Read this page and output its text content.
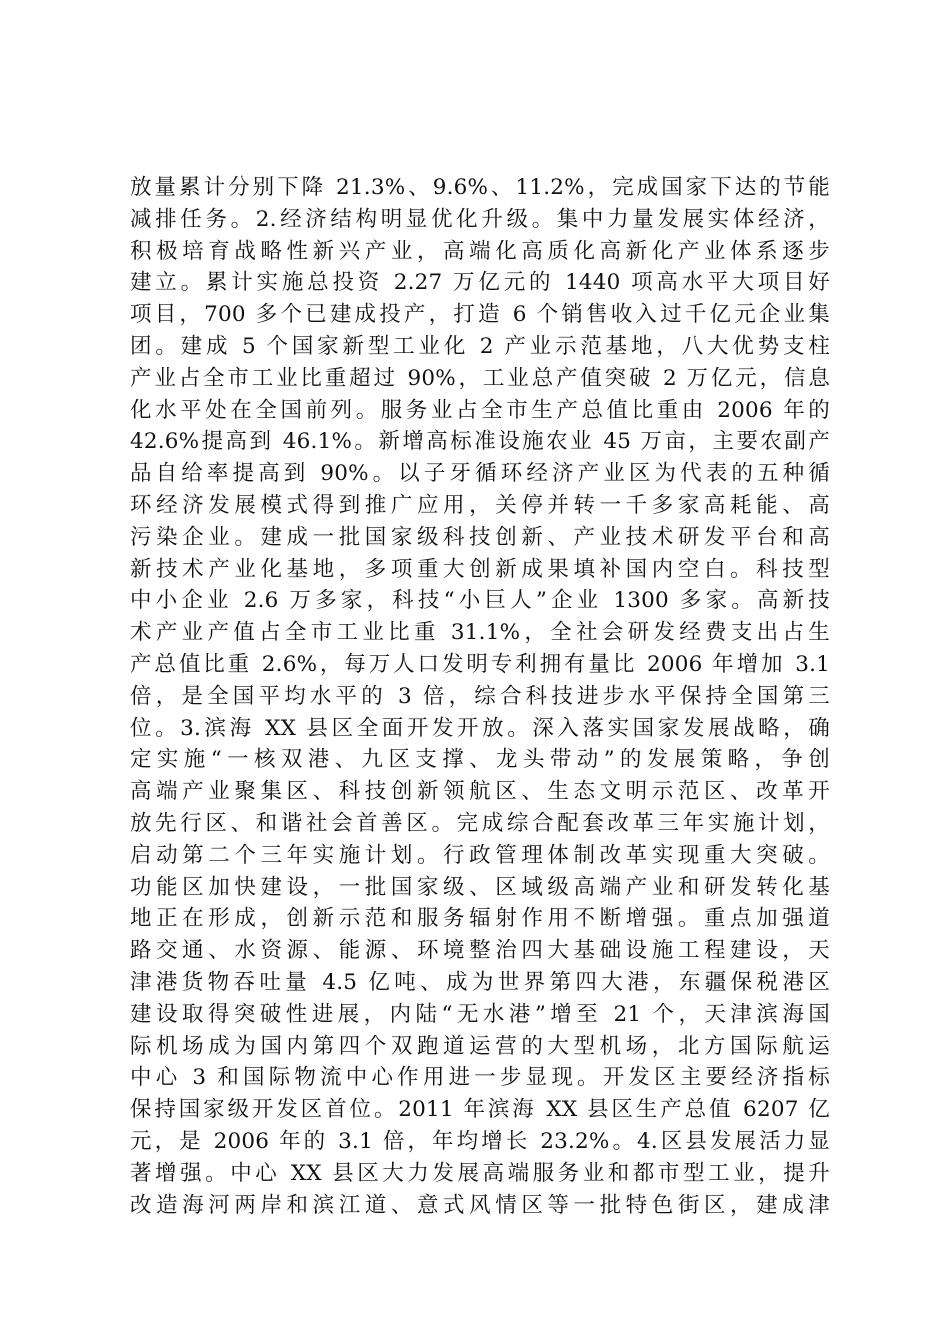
放量累计分别下降 21.3%、9.6%、11.2%，完成国家下达的节能
减排任务。2.经济结构明显优化升级。集中力量发展实体经济，
积极培育战略性新兴产业，高端化高质化高新化产业体系逐步
建立。累计实施总投资 2.27 万亿元的 1440 项高水平大项目好
项目，700 多个已建成投产，打造 6 个销售收入过千亿元企业集
团。建成 5 个国家新型工业化 2 产业示范基地，八大优势支柱
产业占全市工业比重超过 90%，工业总产值突破 2 万亿元，信息
化水平处在全国前列。服务业占全市生产总值比重由 2006 年的
42.6%提高到 46.1%。新增高标准设施农业 45 万亩，主要农副产
品自给率提高到 90%。以子牙循环经济产业区为代表的五种循
环经济发展模式得到推广应用，关停并转一千多家高耗能、高
污染企业。建成一批国家级科技创新、产业技术研发平台和高
新技术产业化基地，多项重大创新成果填补国内空白。科技型
中小企业 2.6 万多家，科技“小巨人”企业 1300 多家。高新技
术产业产值占全市工业比重 31.1%，全社会研发经费支出占生
产总值比重 2.6%，每万人口发明专利拥有量比 2006 年增加 3.1
倍，是全国平均水平的 3 倍，综合科技进步水平保持全国第三
位。3.滨海 XX 县区全面开发开放。深入落实国家发展战略，确
定实施“一核双港、九区支撑、龙头带动”的发展策略，争创
高端产业聚集区、科技创新领航区、生态文明示范区、改革开
放先行区、和谐社会首善区。完成综合配套改革三年实施计划，
启动第二个三年实施计划。行政管理体制改革实现重大突破。
功能区加快建设，一批国家级、区域级高端产业和研发转化基
地正在形成，创新示范和服务辐射作用不断增强。重点加强道
路交通、水资源、能源、环境整治四大基础设施工程建设，天
津港货物吞吐量 4.5 亿吨、成为世界第四大港，东疆保税港区
建设取得突破性进展，内陆“无水港”增至 21 个，天津滨海国
际机场成为国内第四个双跑道运营的大型机场，北方国际航运
中心 3 和国际物流中心作用进一步显现。开发区主要经济指标
保持国家级开发区首位。2011 年滨海 XX 县区生产总值 6207 亿
元，是 2006 年的 3.1 倍，年均增长 23.2%。4.区县发展活力显
著增强。中心 XX 县区大力发展高端服务业和都市型工业，提升
改造海河两岸和滨江道、意式风情区等一批特色街区，建成津
